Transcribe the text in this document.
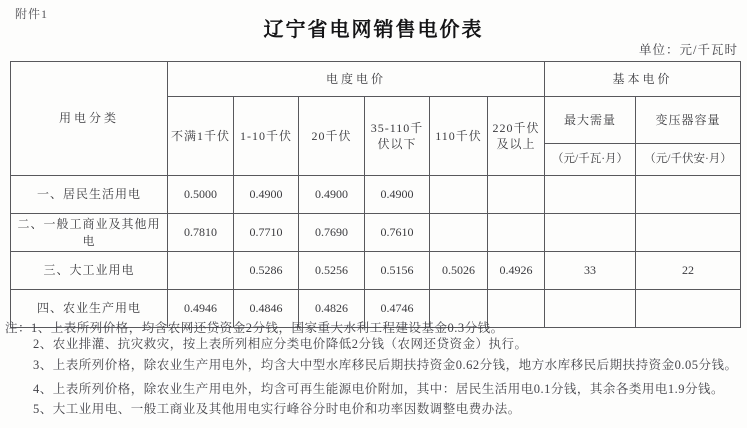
附件1
辽宁省电网销售电价表
单位：元/千瓦时
用电分类	电度电价						基本电价	
	不满1千伏	1-10千伏	20千伏	35-110千伏以下	110千伏	220千伏及以上	最大需量	变压器容量
							（元/千瓦·月）	（元/千伏安·月）
一、居民生活用电	0.5000	0.4900	0.4900	0.4900				
二、一般工商业及其他用电	0.7810	0.7710	0.7690	0.7610				
三、大工业用电		0.5286	0.5256	0.5156	0.5026	0.4926	33	22
四、农业生产用电	0.4946	0.4846	0.4826	0.4746				
注：1、上表所列价格，均含农网还贷资金2分钱，国家重大水利工程建设基金0.3分钱。
2、农业排灌、抗灾救灾，按上表所列相应分类电价降低2分钱（农网还贷资金）执行。
3、上表所列价格，除农业生产用电外，均含大中型水库移民后期扶持资金0.62分钱，地方水库移民后期扶持资金0.05分钱。
4、上表所列价格，除农业生产用电外，均含可再生能源电价附加，其中：居民生活用电0.1分钱，其余各类用电1.9分钱。
5、大工业用电、一般工商业及其他用电实行峰谷分时电价和功率因数调整电费办法。
